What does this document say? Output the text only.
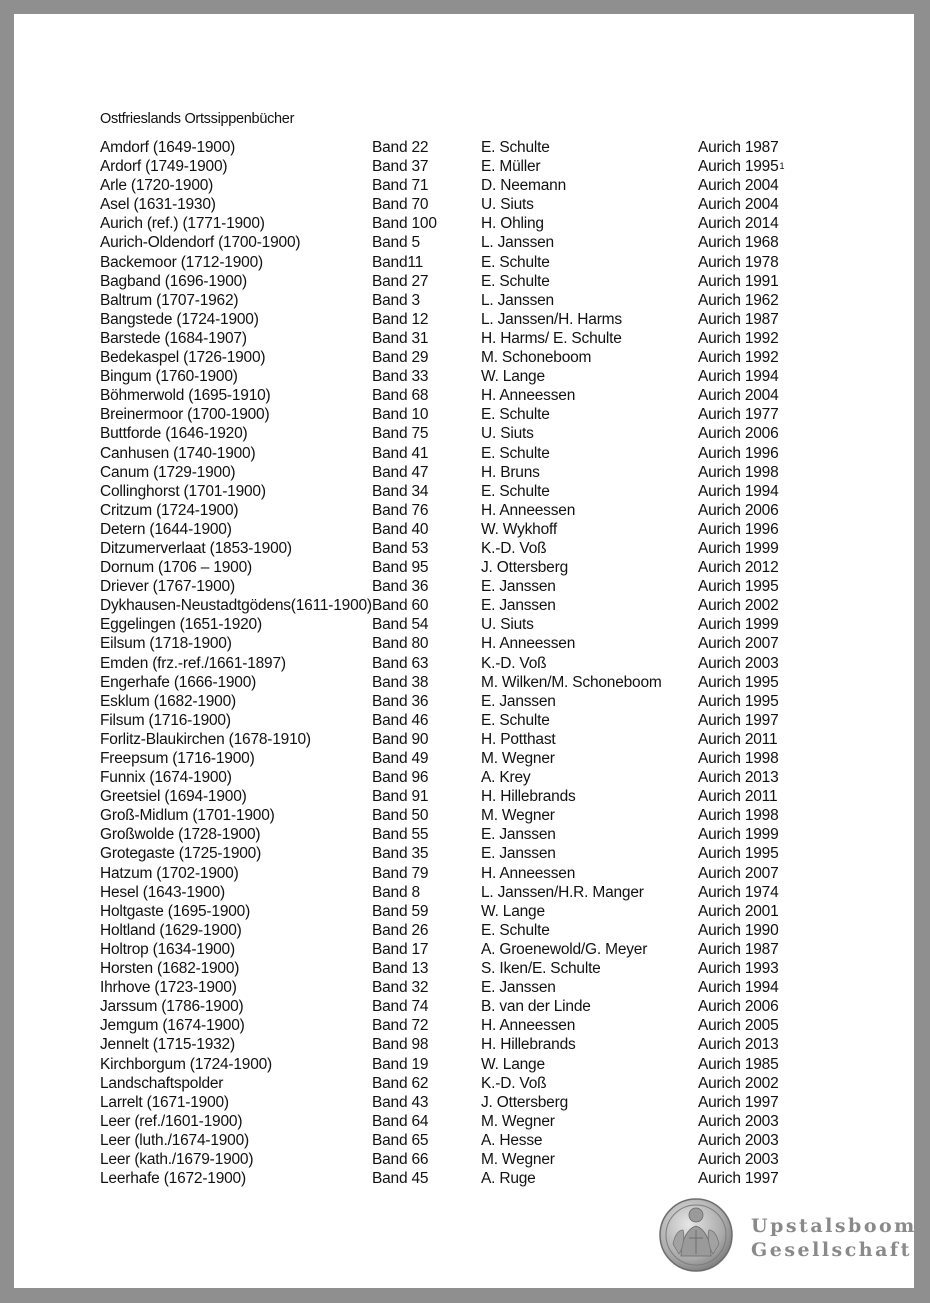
Ostfrieslands Ortssippenbücher
Amdorf (1649-1900)	Band 22	E. Schulte	Aurich 1987
Ardorf (1749-1900)	Band 37	E. Müller	Aurich 1995 1
Arle (1720-1900)	Band 71	D. Neemann	Aurich 2004
Asel (1631-1930)	Band 70	U. Siuts	Aurich 2004
Aurich (ref.) (1771-1900)	Band 100	H. Ohling	Aurich 2014
Aurich-Oldendorf (1700-1900)	Band 5	L. Janssen	Aurich 1968
Backemoor (1712-1900)	Band11	E. Schulte	Aurich 1978
Bagband (1696-1900)	Band 27	E. Schulte	Aurich 1991
Baltrum (1707-1962)	Band 3	L. Janssen	Aurich 1962
Bangstede (1724-1900)	Band 12	L. Janssen/H. Harms	Aurich 1987
Barstede (1684-1907)	Band 31	H. Harms/ E. Schulte	Aurich 1992
Bedekaspel (1726-1900)	Band 29	M. Schoneboom	Aurich 1992
Bingum (1760-1900)	Band 33	W. Lange	Aurich 1994
Böhmerwold (1695-1910)	Band 68	H. Anneessen	Aurich 2004
Breinermoor (1700-1900)	Band 10	E. Schulte	Aurich 1977
Buttforde (1646-1920)	Band 75	U. Siuts	Aurich 2006
Canhusen (1740-1900)	Band 41	E. Schulte	Aurich 1996
Canum (1729-1900)	Band 47	H. Bruns	Aurich 1998
Collinghorst (1701-1900)	Band 34	E. Schulte	Aurich 1994
Critzum (1724-1900)	Band 76	H. Anneessen	Aurich 2006
Detern (1644-1900)	Band 40	W. Wykhoff	Aurich 1996
Ditzumerverlaat (1853-1900)	Band 53	K.-D. Voß	Aurich 1999
Dornum (1706 – 1900)	Band 95	J. Ottersberg	Aurich 2012
Driever (1767-1900)	Band 36	E. Janssen	Aurich 1995
Dykhausen-Neustadtgödens(1611-1900) Band 60	E. Janssen	Aurich 2002
Eggelingen (1651-1920)	Band 54	U. Siuts	Aurich 1999
Eilsum (1718-1900)	Band 80	H. Anneessen	Aurich 2007
Emden (frz.-ref./1661-1897)	Band 63	K.-D. Voß	Aurich 2003
Engerhafe (1666-1900)	Band 38	M. Wilken/M. Schoneboom Aurich 1995
Esklum (1682-1900)	Band 36	E. Janssen	Aurich 1995
Filsum (1716-1900)	Band 46	E. Schulte	Aurich 1997
Forlitz-Blaukirchen (1678-1910)	Band 90	H. Potthast	Aurich 2011
Freepsum (1716-1900)	Band 49	M. Wegner	Aurich 1998
Funnix (1674-1900)	Band 96	A. Krey	Aurich 2013
Greetsiel (1694-1900)	Band 91	H. Hillebrands	Aurich 2011
Groß-Midlum (1701-1900)	Band 50	M. Wegner	Aurich 1998
Großwolde (1728-1900)	Band 55	E. Janssen	Aurich 1999
Grotegaste (1725-1900)	Band 35	E. Janssen	Aurich 1995
Hatzum (1702-1900)	Band 79	H. Anneessen	Aurich 2007
Hesel (1643-1900)	Band 8	L. Janssen/H.R. Manger	Aurich 1974
Holtgaste (1695-1900)	Band 59	W. Lange	Aurich 2001
Holtland (1629-1900)	Band 26	E. Schulte	Aurich 1990
Holtrop (1634-1900)	Band 17	A. Groenewold/G. Meyer	Aurich 1987
Horsten (1682-1900)	Band 13	S. Iken/E. Schulte	Aurich 1993
Ihrhove (1723-1900)	Band 32	E. Janssen	Aurich 1994
Jarssum (1786-1900)	Band 74	B. van der Linde	Aurich 2006
Jemgum (1674-1900)	Band 72	H. Anneessen	Aurich 2005
Jennelt (1715-1932)	Band 98	H. Hillebrands	Aurich 2013
Kirchborgum (1724-1900)	Band 19	W. Lange	Aurich 1985
Landschaftspolder	Band 62	K.-D. Voß	Aurich 2002
Larrelt (1671-1900)	Band 43	J. Ottersberg	Aurich 1997
Leer (ref./1601-1900)	Band 64	M. Wegner	Aurich 2003
Leer (luth./1674-1900)	Band 65	A. Hesse	Aurich 2003
Leer (kath./1679-1900)	Band 66	M. Wegner	Aurich 2003
Leerhafe (1672-1900)	Band 45	A. Ruge	Aurich 1997
Upstalsboom
Gesellschaft
